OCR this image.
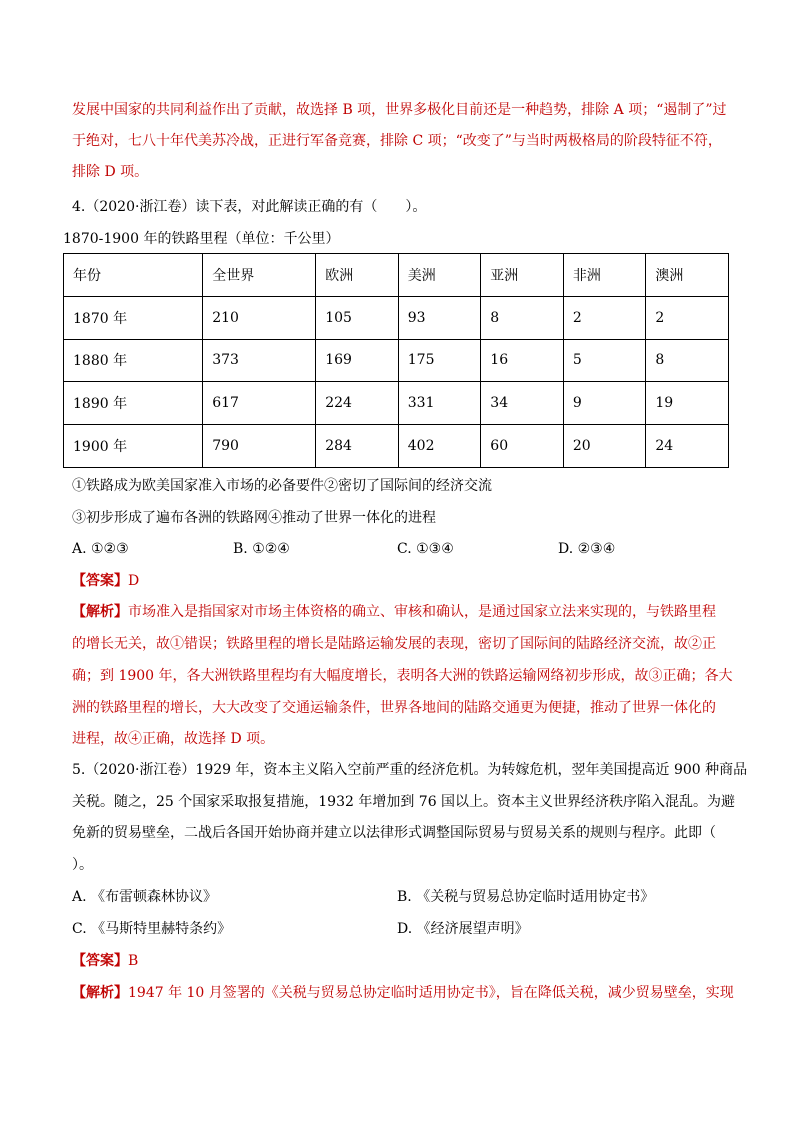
发展中国家的共同利益作出了贡献，故选择 B 项，世界多极化目前还是一种趋势，排除 A 项；“遏制了”过
于绝对，七八十年代美苏冷战，正进行军备竞赛，排除 C 项；“改变了”与当时两极格局的阶段特征不符，
排除 D 项。
4.（2020·浙江卷）读下表，对此解读正确的有（　　）。
1870-1900 年的铁路里程（单位：千公里）
年份	全世界	欧洲	美洲	亚洲	非洲	澳洲
1870 年	210	105	93	8	2	2
1880 年	373	169	175	16	5	8
1890 年	617	224	331	34	9	19
1900 年	790	284	402	60	20	24
①铁路成为欧美国家准入市场的必备要件②密切了国际间的经济交流
③初步形成了遍布各洲的铁路网④推动了世界一体化的进程
A. ①②③	B. ①②④	C. ①③④	D. ②③④
【答案】D
【解析】市场准入是指国家对市场主体资格的确立、审核和确认，是通过国家立法来实现的，与铁路里程
的增长无关，故①错误；铁路里程的增长是陆路运输发展的表现，密切了国际间的陆路经济交流，故②正
确；到 1900 年，各大洲铁路里程均有大幅度增长，表明各大洲的铁路运输网络初步形成，故③正确；各大
洲的铁路里程的增长，大大改变了交通运输条件，世界各地间的陆路交通更为便捷，推动了世界一体化的
进程，故④正确，故选择 D 项。
5.（2020·浙江卷）1929 年，资本主义陷入空前严重的经济危机。为转嫁危机，翌年美国提高近 900 种商品
关税。随之，25 个国家采取报复措施，1932 年增加到 76 国以上。资本主义世界经济秩序陷入混乱。为避
免新的贸易壁垒，二战后各国开始协商并建立以法律形式调整国际贸易与贸易关系的规则与程序。此即（
）。
A. 《布雷顿森林协议》	B. 《关税与贸易总协定临时适用协定书》
C. 《马斯特里赫特条约》	D. 《经济展望声明》
【答案】B
【解析】1947 年 10 月签署的《关税与贸易总协定临时适用协定书》，旨在降低关税，减少贸易壁垒，实现
